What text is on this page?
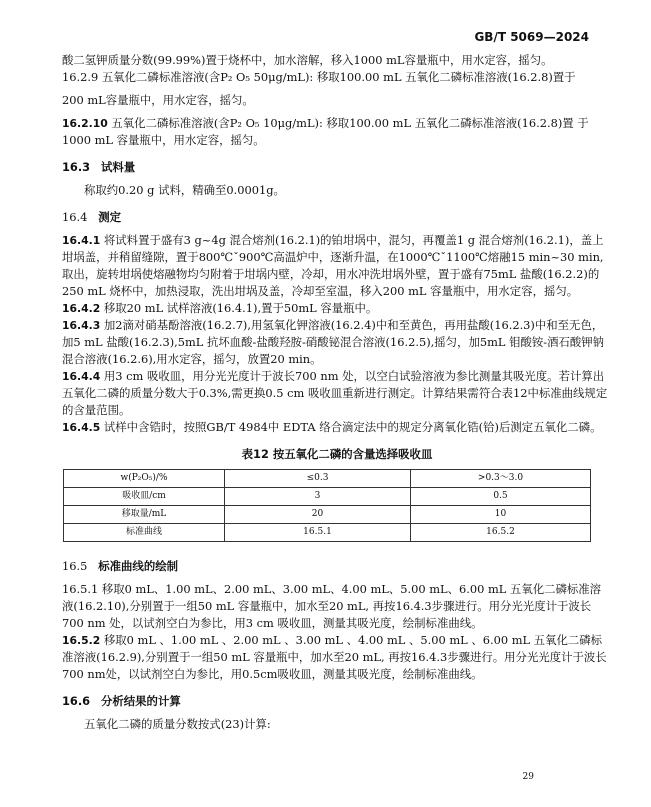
GB/T 5069—2024

酸二氢钾质量分数(99.99%)置于烧杯中，加水溶解，移入1000 mL容量瓶中，用水定容，摇匀。

16.2.9 五氧化二磷标准溶液(含P₂ O₅ 50μg/mL): 移取100.00 mL 五氧化二磷标准溶液(16.2.8)置于

200 mL容量瓶中，用水定容，摇匀。

16.2.10 五氧化二磷标准溶液(含P₂ O₅ 10μg/mL): 移取100.00 mL 五氧化二磷标准溶液(16.2.8)置 于1000 mL 容量瓶中，用水定容，摇匀。

16.3 试料量

称取约0.20 g 试料，精确至0.0001g。

16.4 测定

16.4.1 将试料置于盛有3 g~4g 混合熔剂(16.2.1)的铂坩埚中，混匀，再覆盖1 g 混合熔剂(16.2.1)，盖上坩埚盖，并稍留缝隙，置于800℃ˇ900℃高温炉中，逐渐升温，在1000℃ˇ1100℃熔融15 min~30 min,取出，旋转坩埚使熔融物均匀附着于坩埚内壁，冷却，用水冲洗坩埚外壁，置于盛有75mL 盐酸(16.2.2)的250 mL 烧杯中，加热浸取，洗出坩埚及盖，冷却至室温，移入200 mL 容量瓶中，用水定容，摇匀。

16.4.2 移取20 mL 试样溶液(16.4.1),置于50mL 容量瓶中。

16.4.3 加2滴对硝基酚溶液(16.2.7),用氢氧化钾溶液(16.2.4)中和至黄色，再用盐酸(16.2.3)中和至无色，加5 mL 盐酸(16.2.3),5mL 抗坏血酸-盐酸羟胺-硝酸铋混合溶液(16.2.5),摇匀，加5mL 钼酸铵-酒石酸钾钠混合溶液(16.2.6),用水定容，摇匀，放置20 min。

16.4.4 用3 cm 吸收皿，用分光光度计于波长700 nm 处，以空白试验溶液为参比测量其吸光度。若计算出五氧化二磷的质量分数大于0.3%,需更换0.5 cm 吸收皿重新进行测定。计算结果需符合表12中标准曲线规定的含量范围。

16.4.5 试样中含锆时，按照GB/T 4984中 EDTA 络合滴定法中的规定分离氧化锆(铪)后测定五氧化二磷。

表12 按五氧化二磷的含量选择吸收皿
w(P₂O₅)/%	≤0.3	>0.3～3.0
吸收皿/cm	3	0.5
移取量/mL	20	10
标准曲线	16.5.1	16.5.2

16.5 标准曲线的绘制

16.5.1 移取0 mL、1.00 mL、2.00 mL、3.00 mL、4.00 mL、5.00 mL、6.00 mL 五氧化二磷标准溶液(16.2.10),分别置于一组50 mL 容量瓶中，加水至20 mL, 再按16.4.3步骤进行。用分光光度计于波长700 nm 处，以试剂空白为参比，用3 cm 吸收皿，测量其吸光度，绘制标准曲线。

16.5.2 移取0 mL 、1.00 mL 、2.00 mL 、3.00 mL 、4.00 mL 、5.00 mL 、6.00 mL 五氧化二磷标准溶液(16.2.9),分别置于一组50 mL 容量瓶中，加水至20 mL, 再按16.4.3步骤进行。用分光光度计于波长700 nm处，以试剂空白为参比，用0.5cm吸收皿，测量其吸光度，绘制标准曲线。

16.6 分析结果的计算

五氧化二磷的质量分数按式(23)计算:

29
